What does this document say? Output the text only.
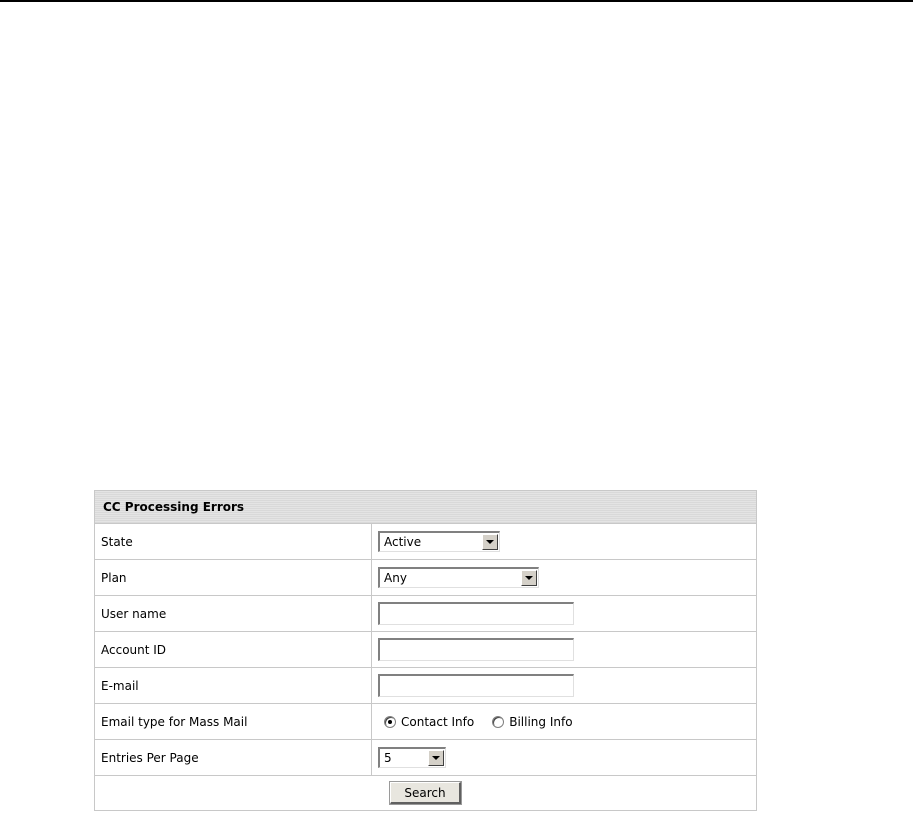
CC Processing Errors
State	Active
Plan	Any
User name
Account ID
E-mail
Email type for Mass Mail	Contact Info	Billing Info
Entries Per Page	5
Search
